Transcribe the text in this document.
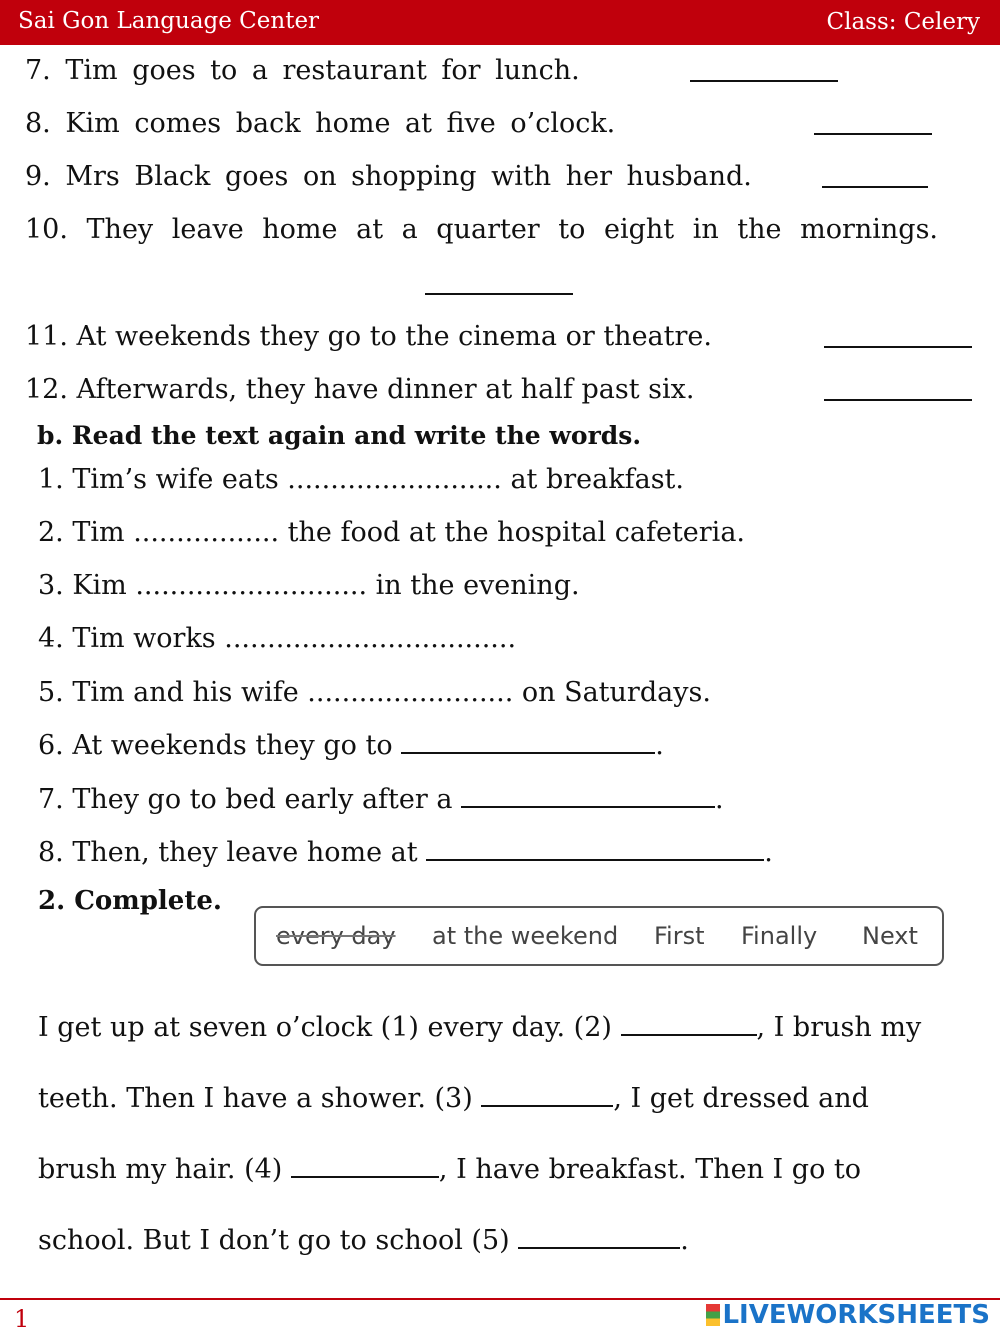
Sai Gon Language Center	Class: Celery
7. Tim goes to a restaurant for lunch.
8. Kim comes back home at five o’clock.
9. Mrs Black goes on shopping with her husband.
10. They leave home at a quarter to eight in the mornings.
11. At weekends they go to the cinema or theatre.
12. Afterwards, they have dinner at half past six.
b. Read the text again and write the words.
1. Tim’s wife eats ......................... at breakfast.
2. Tim ................. the food at the hospital cafeteria.
3. Kim ........................... in the evening.
4. Tim works ..................................
5. Tim and his wife ........................ on Saturdays.
6. At weekends they go to	.
7. They go to bed early after a	.
8. Then, they leave home at	.
2. Complete.
every day at the weekend First Finally Next
I get up at seven o’clock (1) every day. (2)	, I brush my
teeth. Then I have a shower. (3)	, I get dressed and
brush my hair. (4)	, I have breakfast. Then I go to
school. But I don’t go to school (5)	.
1	LIVEWORKSHEETS
